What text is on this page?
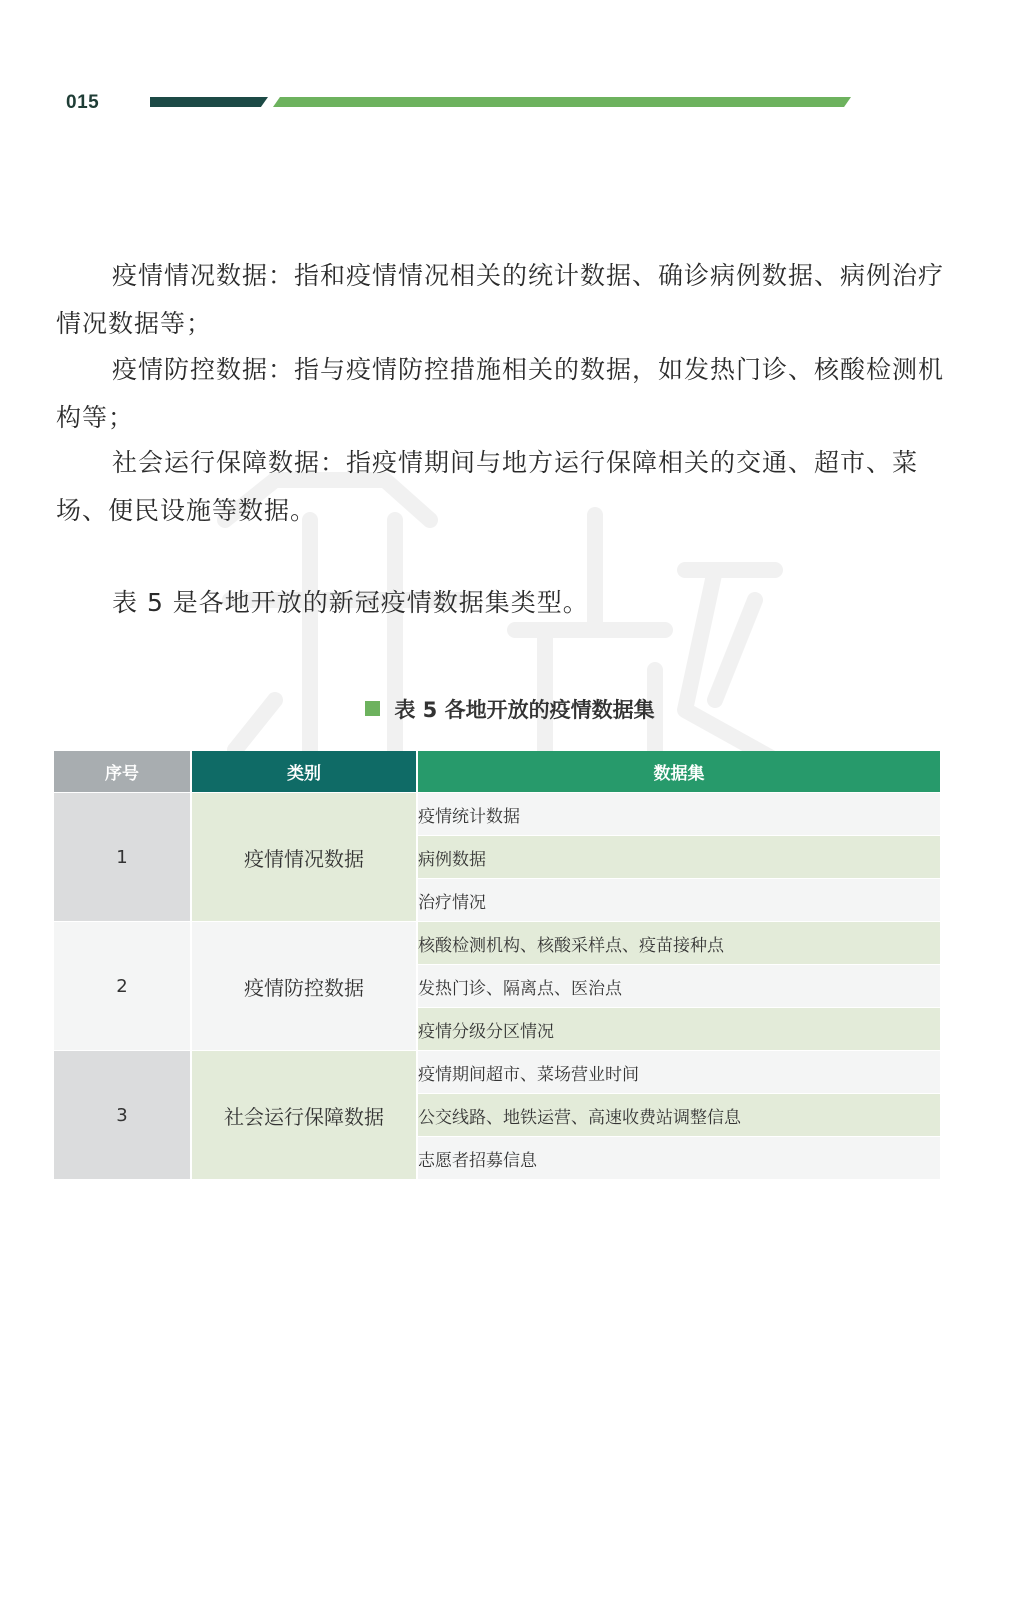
015

疫情情况数据：指和疫情情况相关的统计数据、确诊病例数据、病例治疗情况数据等；

疫情防控数据：指与疫情防控措施相关的数据，如发热门诊、核酸检测机构等；

社会运行保障数据：指疫情期间与地方运行保障相关的交通、超市、菜场、便民设施等数据。

表 5 是各地开放的新冠疫情数据集类型。

表 5 各地开放的疫情数据集
序号	类别	数据集
1	疫情情况数据	疫情统计数据
		病例数据
		治疗情况
2	疫情防控数据	核酸检测机构、核酸采样点、疫苗接种点
		发热门诊、隔离点、医治点
		疫情分级分区情况
3	社会运行保障数据	疫情期间超市、菜场营业时间
		公交线路、地铁运营、高速收费站调整信息
		志愿者招募信息
